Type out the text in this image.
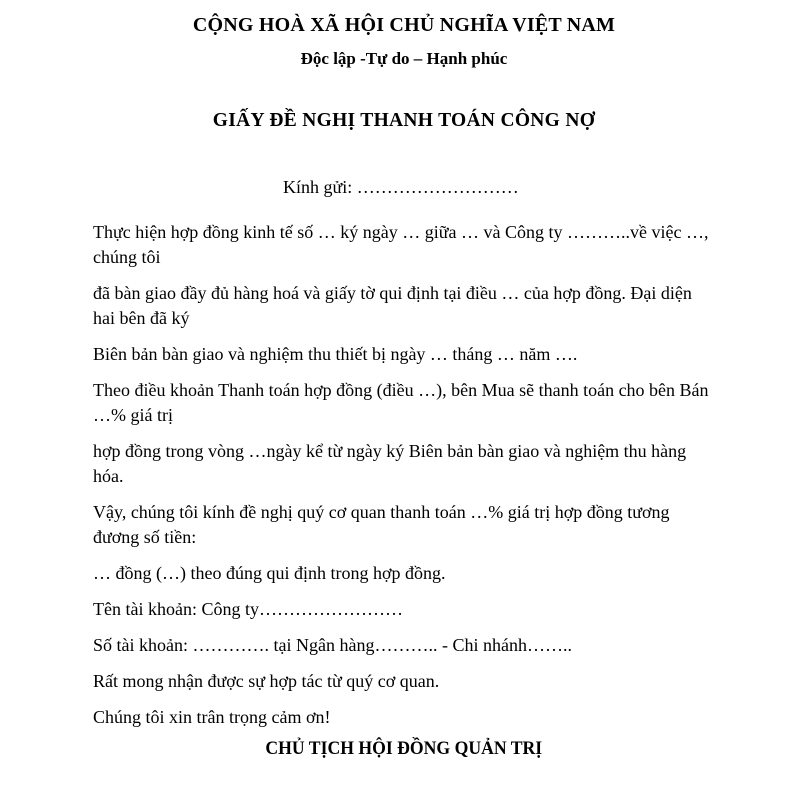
CỘNG HOÀ XÃ HỘI CHỦ NGHĨA VIỆT NAM
Độc lập -Tự do – Hạnh phúc
GIẤY ĐỀ NGHỊ THANH TOÁN CÔNG NỢ
Kính gửi: ………………………

Thực hiện hợp đồng kinh tế số … ký ngày … giữa … và Công ty ………..về việc …, chúng tôi

đã bàn giao đầy đủ hàng hoá và giấy tờ qui định tại điều … của hợp đồng. Đại diện hai bên đã ký

Biên bản bàn giao và nghiệm thu thiết bị ngày … tháng … năm ….

Theo điều khoản Thanh toán hợp đồng (điều …), bên Mua sẽ thanh toán cho bên Bán …% giá trị

hợp đồng trong vòng …ngày kể từ ngày ký Biên bản bàn giao và nghiệm thu hàng hóa.

Vậy, chúng tôi kính đề nghị quý cơ quan thanh toán …% giá trị hợp đồng tương đương số tiền:

… đồng (…) theo đúng qui định trong hợp đồng.

Tên tài khoản: Công ty……………………

Số tài khoản: …………. tại Ngân hàng……….. - Chi nhánh……..

Rất mong nhận được sự hợp tác từ quý cơ quan.

Chúng tôi xin trân trọng cảm ơn!

CHỦ TỊCH HỘI ĐỒNG QUẢN TRỊ
